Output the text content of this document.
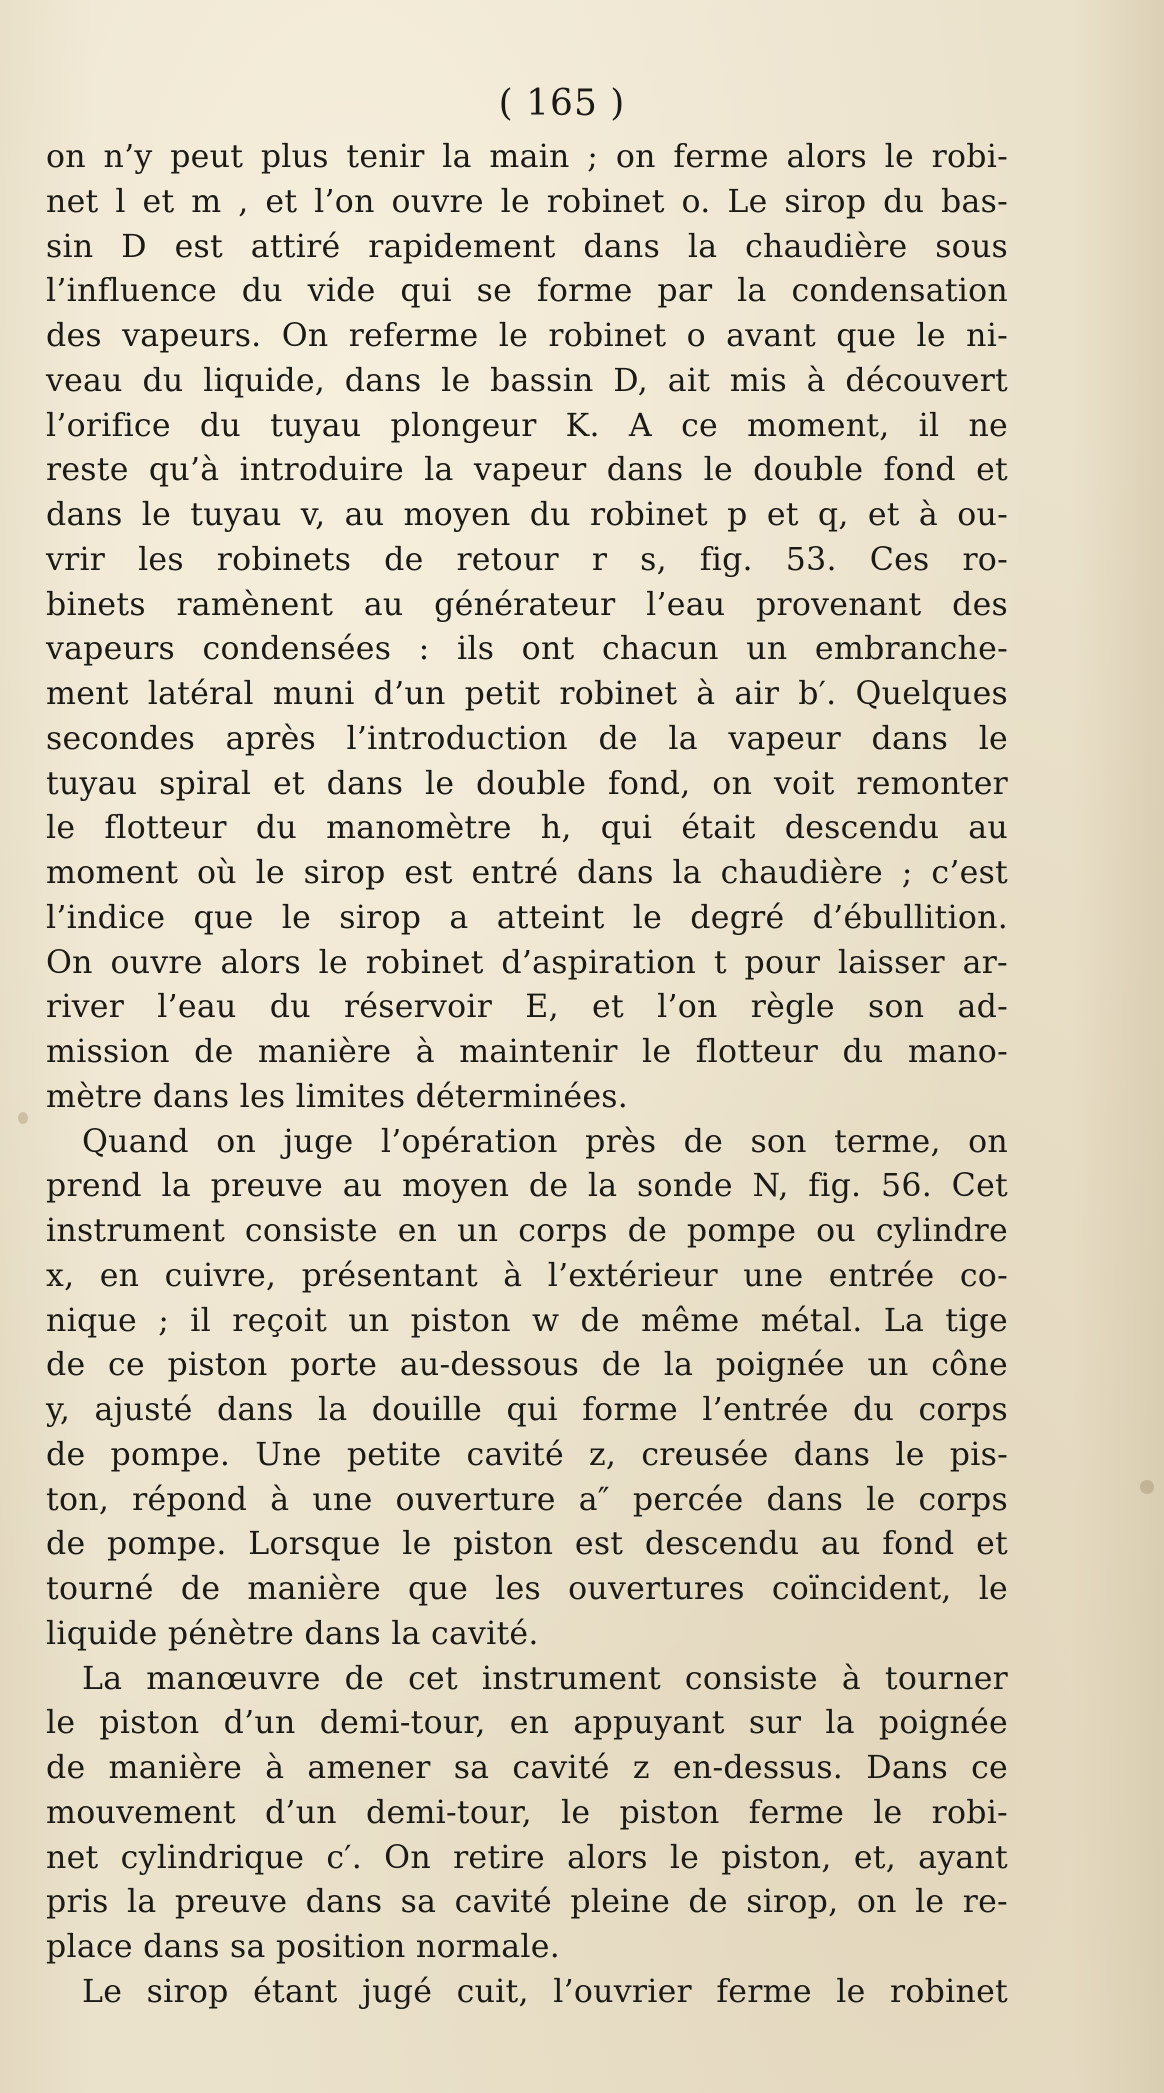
( 165 )
on n’y peut plus tenir la main ; on ferme alors le robi-
net l et m , et l’on ouvre le robinet o. Le sirop du bas-
sin D est attiré rapidement dans la chaudière sous
l’influence du vide qui se forme par la condensation
des vapeurs. On referme le robinet o avant que le ni-
veau du liquide, dans le bassin D, ait mis à découvert
l’orifice du tuyau plongeur K. A ce moment, il ne
reste qu’à introduire la vapeur dans le double fond et
dans le tuyau v, au moyen du robinet p et q, et à ou-
vrir les robinets de retour r s, fig. 53. Ces ro-
binets ramènent au générateur l’eau provenant des
vapeurs condensées : ils ont chacun un embranche-
ment latéral muni d’un petit robinet à air b′. Quelques
secondes après l’introduction de la vapeur dans le
tuyau spiral et dans le double fond, on voit remonter
le flotteur du manomètre h, qui était descendu au
moment où le sirop est entré dans la chaudière ; c’est
l’indice que le sirop a atteint le degré d’ébullition.
On ouvre alors le robinet d’aspiration t pour laisser ar-
river l’eau du réservoir E, et l’on règle son ad-
mission de manière à maintenir le flotteur du mano-
mètre dans les limites déterminées.
Quand on juge l’opération près de son terme, on
prend la preuve au moyen de la sonde N, fig. 56. Cet
instrument consiste en un corps de pompe ou cylindre
x, en cuivre, présentant à l’extérieur une entrée co-
nique ; il reçoit un piston w de même métal. La tige
de ce piston porte au-dessous de la poignée un cône
y, ajusté dans la douille qui forme l’entrée du corps
de pompe. Une petite cavité z, creusée dans le pis-
ton, répond à une ouverture a″ percée dans le corps
de pompe. Lorsque le piston est descendu au fond et
tourné de manière que les ouvertures coïncident, le
liquide pénètre dans la cavité.
La manœuvre de cet instrument consiste à tourner
le piston d’un demi-tour, en appuyant sur la poignée
de manière à amener sa cavité z en-dessus. Dans ce
mouvement d’un demi-tour, le piston ferme le robi-
net cylindrique c′. On retire alors le piston, et, ayant
pris la preuve dans sa cavité pleine de sirop, on le re-
place dans sa position normale.
Le sirop étant jugé cuit, l’ouvrier ferme le robinet
